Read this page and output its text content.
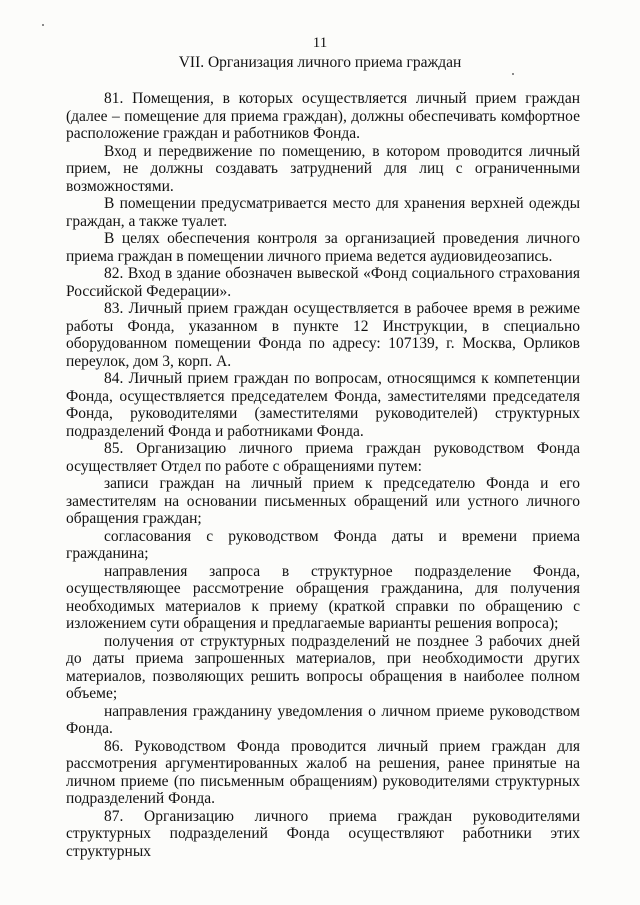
11
VII. Организация личного приема граждан

81. Помещения, в которых осуществляется личный прием граждан (далее – помещение для приема граждан), должны обеспечивать комфортное расположение граждан и работников Фонда.

Вход и передвижение по помещению, в котором проводится личный прием, не должны создавать затруднений для лиц с ограниченными возможностями.

В помещении предусматривается место для хранения верхней одежды граждан, а также туалет.

В целях обеспечения контроля за организацией проведения личного приема граждан в помещении личного приема ведется аудиовидеозапись.

82. Вход в здание обозначен вывеской «Фонд социального страхования Российской Федерации».

83. Личный прием граждан осуществляется в рабочее время в режиме работы Фонда, указанном в пункте 12 Инструкции, в специально оборудованном помещении Фонда по адресу: 107139, г. Москва, Орликов переулок, дом 3, корп. А.

84. Личный прием граждан по вопросам, относящимся к компетенции Фонда, осуществляется председателем Фонда, заместителями председателя Фонда, руководителями (заместителями руководителей) структурных подразделений Фонда и работниками Фонда.

85. Организацию личного приема граждан руководством Фонда осуществляет Отдел по работе с обращениями путем:

записи граждан на личный прием к председателю Фонда и его заместителям на основании письменных обращений или устного личного обращения граждан;

согласования с руководством Фонда даты и времени приема гражданина;

направления запроса в структурное подразделение Фонда, осуществляющее рассмотрение обращения гражданина, для получения необходимых материалов к приему (краткой справки по обращению с изложением сути обращения и предлагаемые варианты решения вопроса);

получения от структурных подразделений не позднее 3 рабочих дней до даты приема запрошенных материалов, при необходимости других материалов, позволяющих решить вопросы обращения в наиболее полном объеме;

направления гражданину уведомления о личном приеме руководством Фонда.

86. Руководством Фонда проводится личный прием граждан для рассмотрения аргументированных жалоб на решения, ранее принятые на личном приеме (по письменным обращениям) руководителями структурных подразделений Фонда.

87. Организацию личного приема граждан руководителями структурных подразделений Фонда осуществляют работники этих структурных
